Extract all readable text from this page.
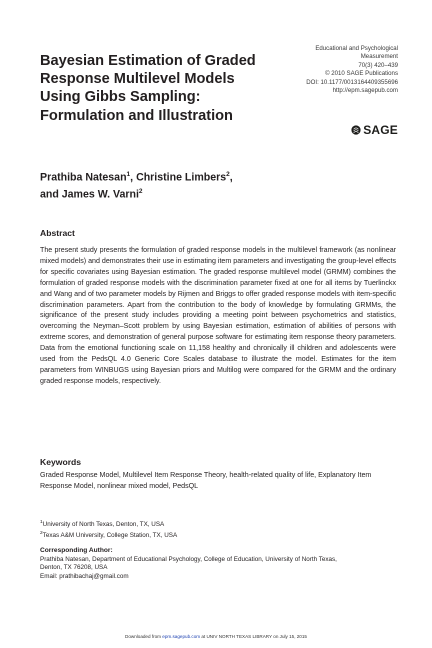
Educational and Psychological
Measurement
70(3) 420–439
© 2010 SAGE Publications
DOI: 10.1177/0013164409355696
http://epm.sagepub.com
SAGE
Bayesian Estimation of Graded
Response Multilevel Models
Using Gibbs Sampling:
Formulation and Illustration
Prathiba Natesan$^1$, Christine Limbers$^2$,
and James W. Varni$^2$
Abstract
The present study presents the formulation of graded response models in the multilevel framework (as nonlinear mixed models) and demonstrates their use in estimating item parameters and investigating the group-level effects for specific covariates using Bayesian estimation. The graded response multilevel model (GRMM) combines the formulation of graded response models with the discrimination parameter fixed at one for all items by Tuerlinckx and Wang and of two parameter models by Rijmen and Briggs to offer graded response models with item-specific discrimination parameters. Apart from the contribution to the body of knowledge by formulating GRMMs, the significance of the present study includes providing a meeting point between psychometrics and statistics, overcoming the Neyman–Scott problem by using Bayesian estimation, estimation of abilities of persons with extreme scores, and demonstration of general purpose software for estimating item response theory parameters. Data from the emotional functioning scale on 11,158 healthy and chronically ill children and adolescents were used from the PedsQL 4.0 Generic Core Scales database to illustrate the model. Estimates for the item parameters from WINBUGS using Bayesian priors and Multilog were compared for the GRMM and the ordinary graded response models, respectively.
Keywords
Graded Response Model, Multilevel Item Response Theory, health-related quality of life, Explanatory Item Response Model, nonlinear mixed model, PedsQL
$^1$University of North Texas, Denton, TX, USA
$^2$Texas A&M University, College Station, TX, USA
Corresponding Author:
Prathiba Natesan, Department of Educational Psychology, College of Education, University of North Texas,
Denton, TX 76208, USA
Email: prathibachaj@gmail.com
Downloaded from epm.sagepub.com at UNIV NORTH TEXAS LIBRARY on July 15, 2015
